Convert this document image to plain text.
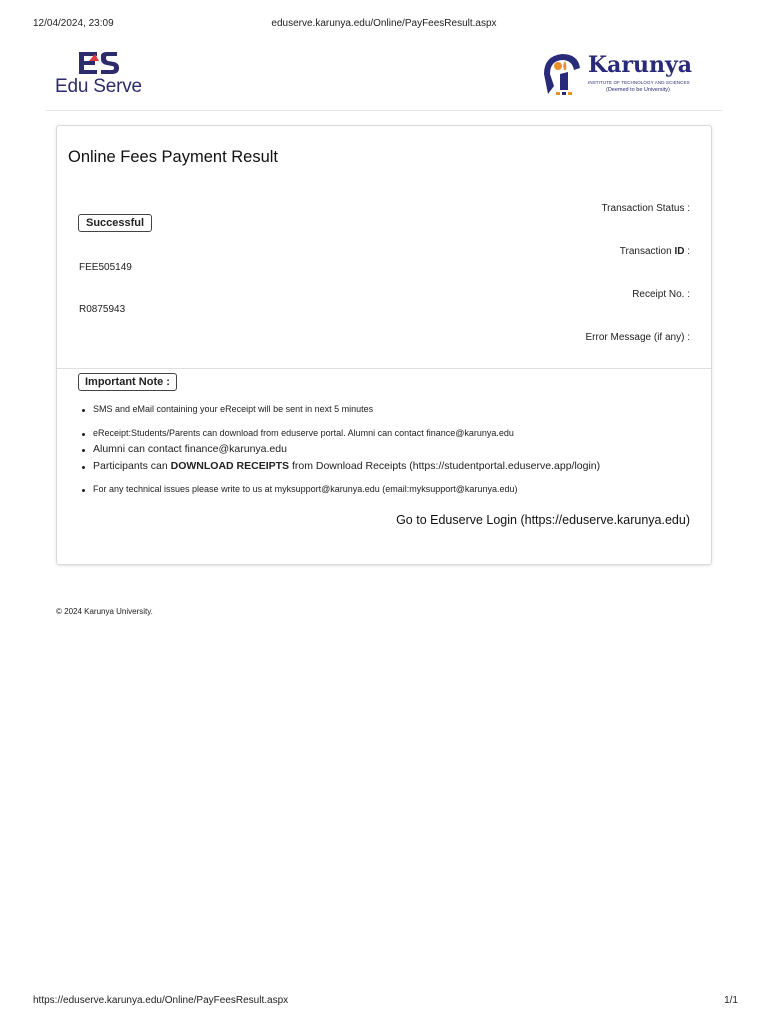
12/04/2024, 23:09	eduserve.karunya.edu/Online/PayFeesResult.aspx
Edu Serve
Karunya
INSTITUTE OF TECHNOLOGY AND SCIENCES
(Deemed to be University)
Online Fees Payment Result
Transaction Status :
Successful
Transaction ID :
FEE505149
Receipt No. :
R0875943
Error Message (if any) :
Important Note :
SMS and eMail containing your eReceipt will be sent in next 5 minutes
eReceipt:Students/Parents can download from eduserve portal. Alumni can contact finance@karunya.edu
Alumni can contact finance@karunya.edu
Participants can DOWNLOAD RECEIPTS from Download Receipts (https://studentportal.eduserve.app/login)
For any technical issues please write to us at myksupport@karunya.edu (email:myksupport@karunya.edu)
Go to Eduserve Login (https://eduserve.karunya.edu)
© 2024 Karunya University.
https://eduserve.karunya.edu/Online/PayFeesResult.aspx	1/1
